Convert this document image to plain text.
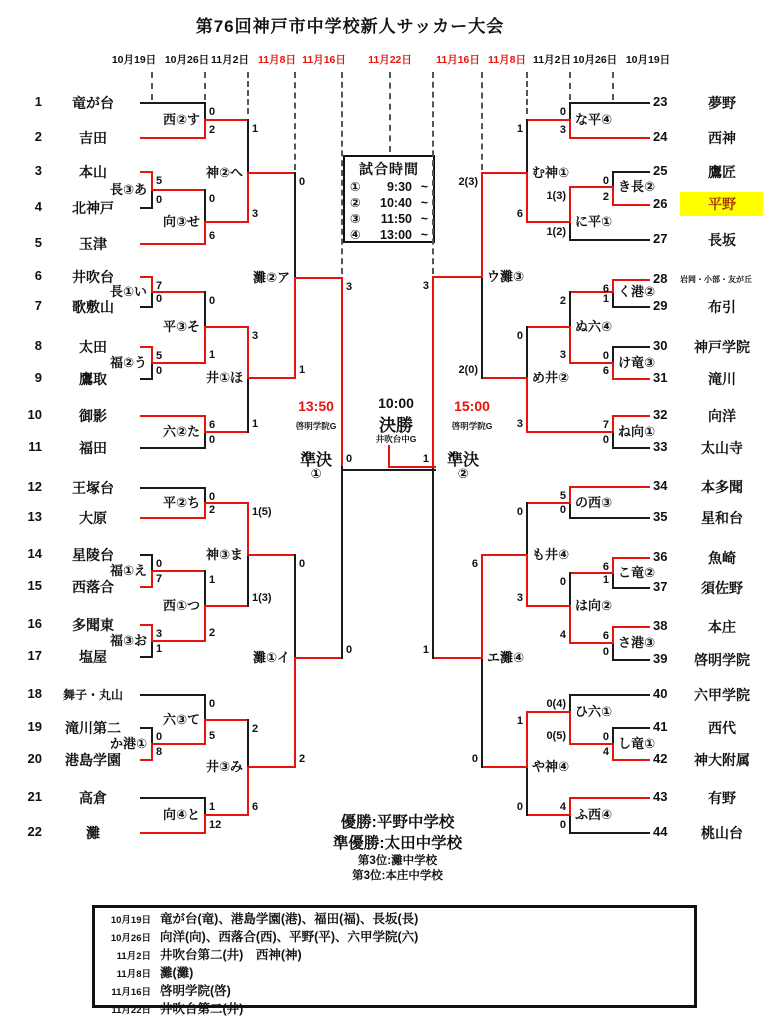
第76回神戸市中学校新人サッカー大会
試合時間
①	9:30 ~
②	10:40 ~
③	11:50 ~
④	13:00 ~
13:50
啓明学院G
準決
①
10:00
決勝
井吹台中G
15:00
啓明学院G
準決
②
優勝:平野中学校
準優勝:太田中学校
第3位:灘中学校
第3位:本庄中学校
10月19日 竜が台(竜)、港島学園(港)、福田(福)、長坂(長)
10月26日 向洋(向)、西落合(西)、平野(平)、六甲学院(六)
11月2日 井吹台第二(井)　西神(神)
11月8日 灘(灘)
11月16日 啓明学院(啓)
11月22日 井吹台第二(井)
10月19日 10月26日 11月2日 11月8日 11月16日	11月22日	11月16日 11月8日 11月2日 10月26日 10月19日
1	竜が台
2	吉田
3	本山
4	北神戸
5	玉津
6	井吹台
7	歌敷山
8	太田
9	鷹取
10	御影
11	福田
12	王塚台
13	大原
14	星陵台
15	西落合
16	多聞東
17	塩屋
18	舞子・丸山
19	滝川第二
20	港島学園
21	高倉
22	灘
23	夢野
24	西神
25	鷹匠
26	平野
27	長坂
28 岩岡・小部・友が丘
29	布引
30	神戸学院
31	滝川
32	向洋
33	太山寺
34	本多聞
35	星和台
36	魚崎
37	須佐野
38	本庄
39	啓明学院
40	六甲学院
41	西代
42	神大附属
43	有野
44	桃山台
0
2
西②す
5
0
長③あ
0
6
向③せ
1
3
神②へ
7
0
長①い
5
0
福②う
0
1
平③そ
6
0
六②た
3
1
井①ほ
0
1
灘②ア
0
2
平②ち
0
7
福①え
3
1
福③お
1
2
西①つ
1(5)
1(3)
神③ま
0
5
六③て
0
8
か港①
1
12
向④と
2
6
井③み
0
2
灘①イ
3
0
0
3
な平④
0
2
き長②
1(3)
1(2)
に平①
1
6
む神①
6
1 く港②
0
6
け竜③
2
3
ぬ六④
7
0
ね向①
0
3
め井②
2(3)
2(0)
ウ灘③
5
0 の西③
6
1 こ竜②
6
0
さ港③
0
4
は向②
0
3
も井④
0
4
し竜①
0(4)
0(5)
ひ六①
4
0
ふ西④
1
0
や神④
6
0
エ灘④
3
1
0	1
